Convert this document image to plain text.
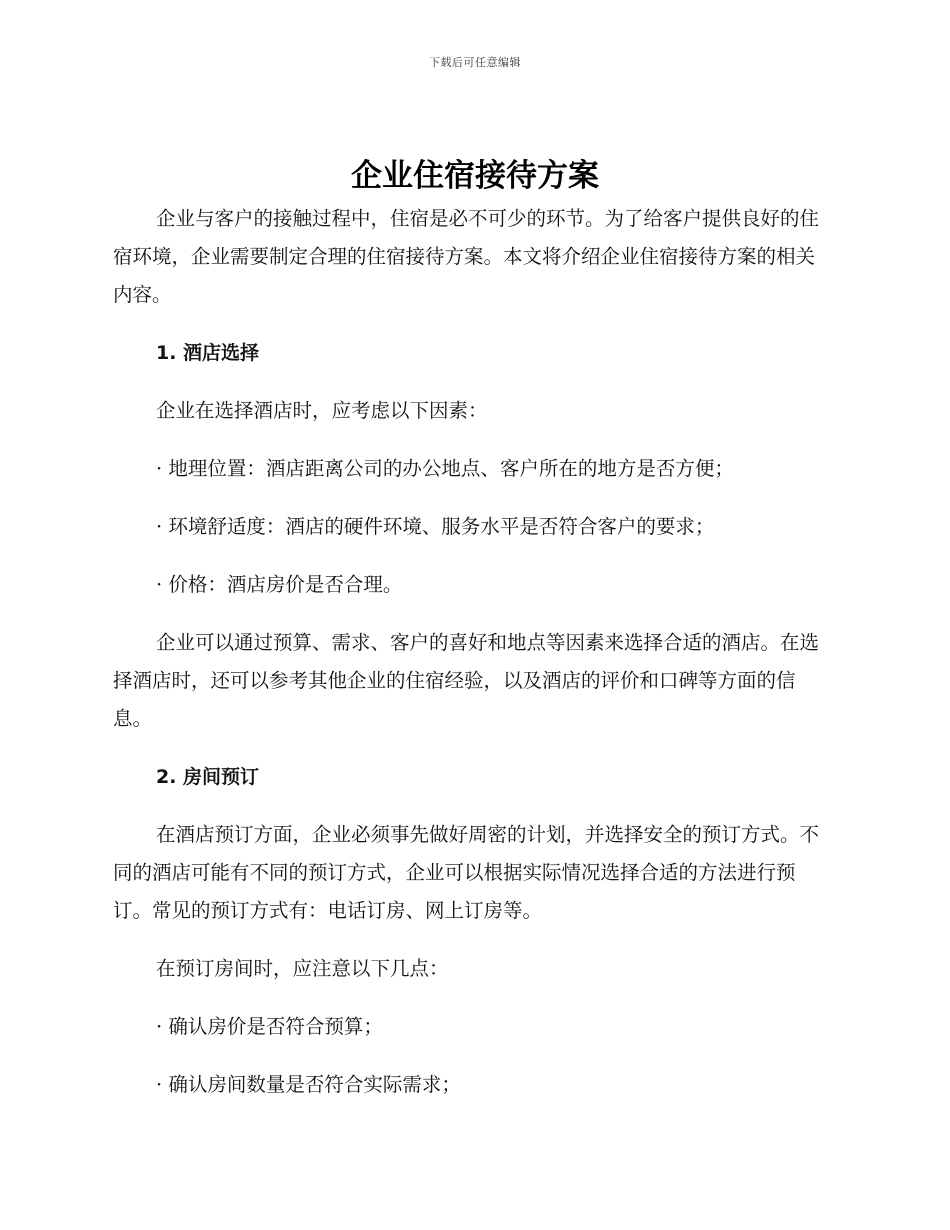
下载后可任意编辑
企业住宿接待方案

企业与客户的接触过程中，住宿是必不可少的环节。为了给客户提供良好的住宿环境，企业需要制定合理的住宿接待方案。本文将介绍企业住宿接待方案的相关内容。

1. 酒店选择

企业在选择酒店时，应考虑以下因素：

· 地理位置：酒店距离公司的办公地点、客户所在的地方是否方便；

· 环境舒适度：酒店的硬件环境、服务水平是否符合客户的要求；

· 价格：酒店房价是否合理。

企业可以通过预算、需求、客户的喜好和地点等因素来选择合适的酒店。在选择酒店时，还可以参考其他企业的住宿经验，以及酒店的评价和口碑等方面的信息。

2. 房间预订

在酒店预订方面，企业必须事先做好周密的计划，并选择安全的预订方式。不同的酒店可能有不同的预订方式，企业可以根据实际情况选择合适的方法进行预订。常见的预订方式有：电话订房、网上订房等。

在预订房间时，应注意以下几点：

· 确认房价是否符合预算；

· 确认房间数量是否符合实际需求；
